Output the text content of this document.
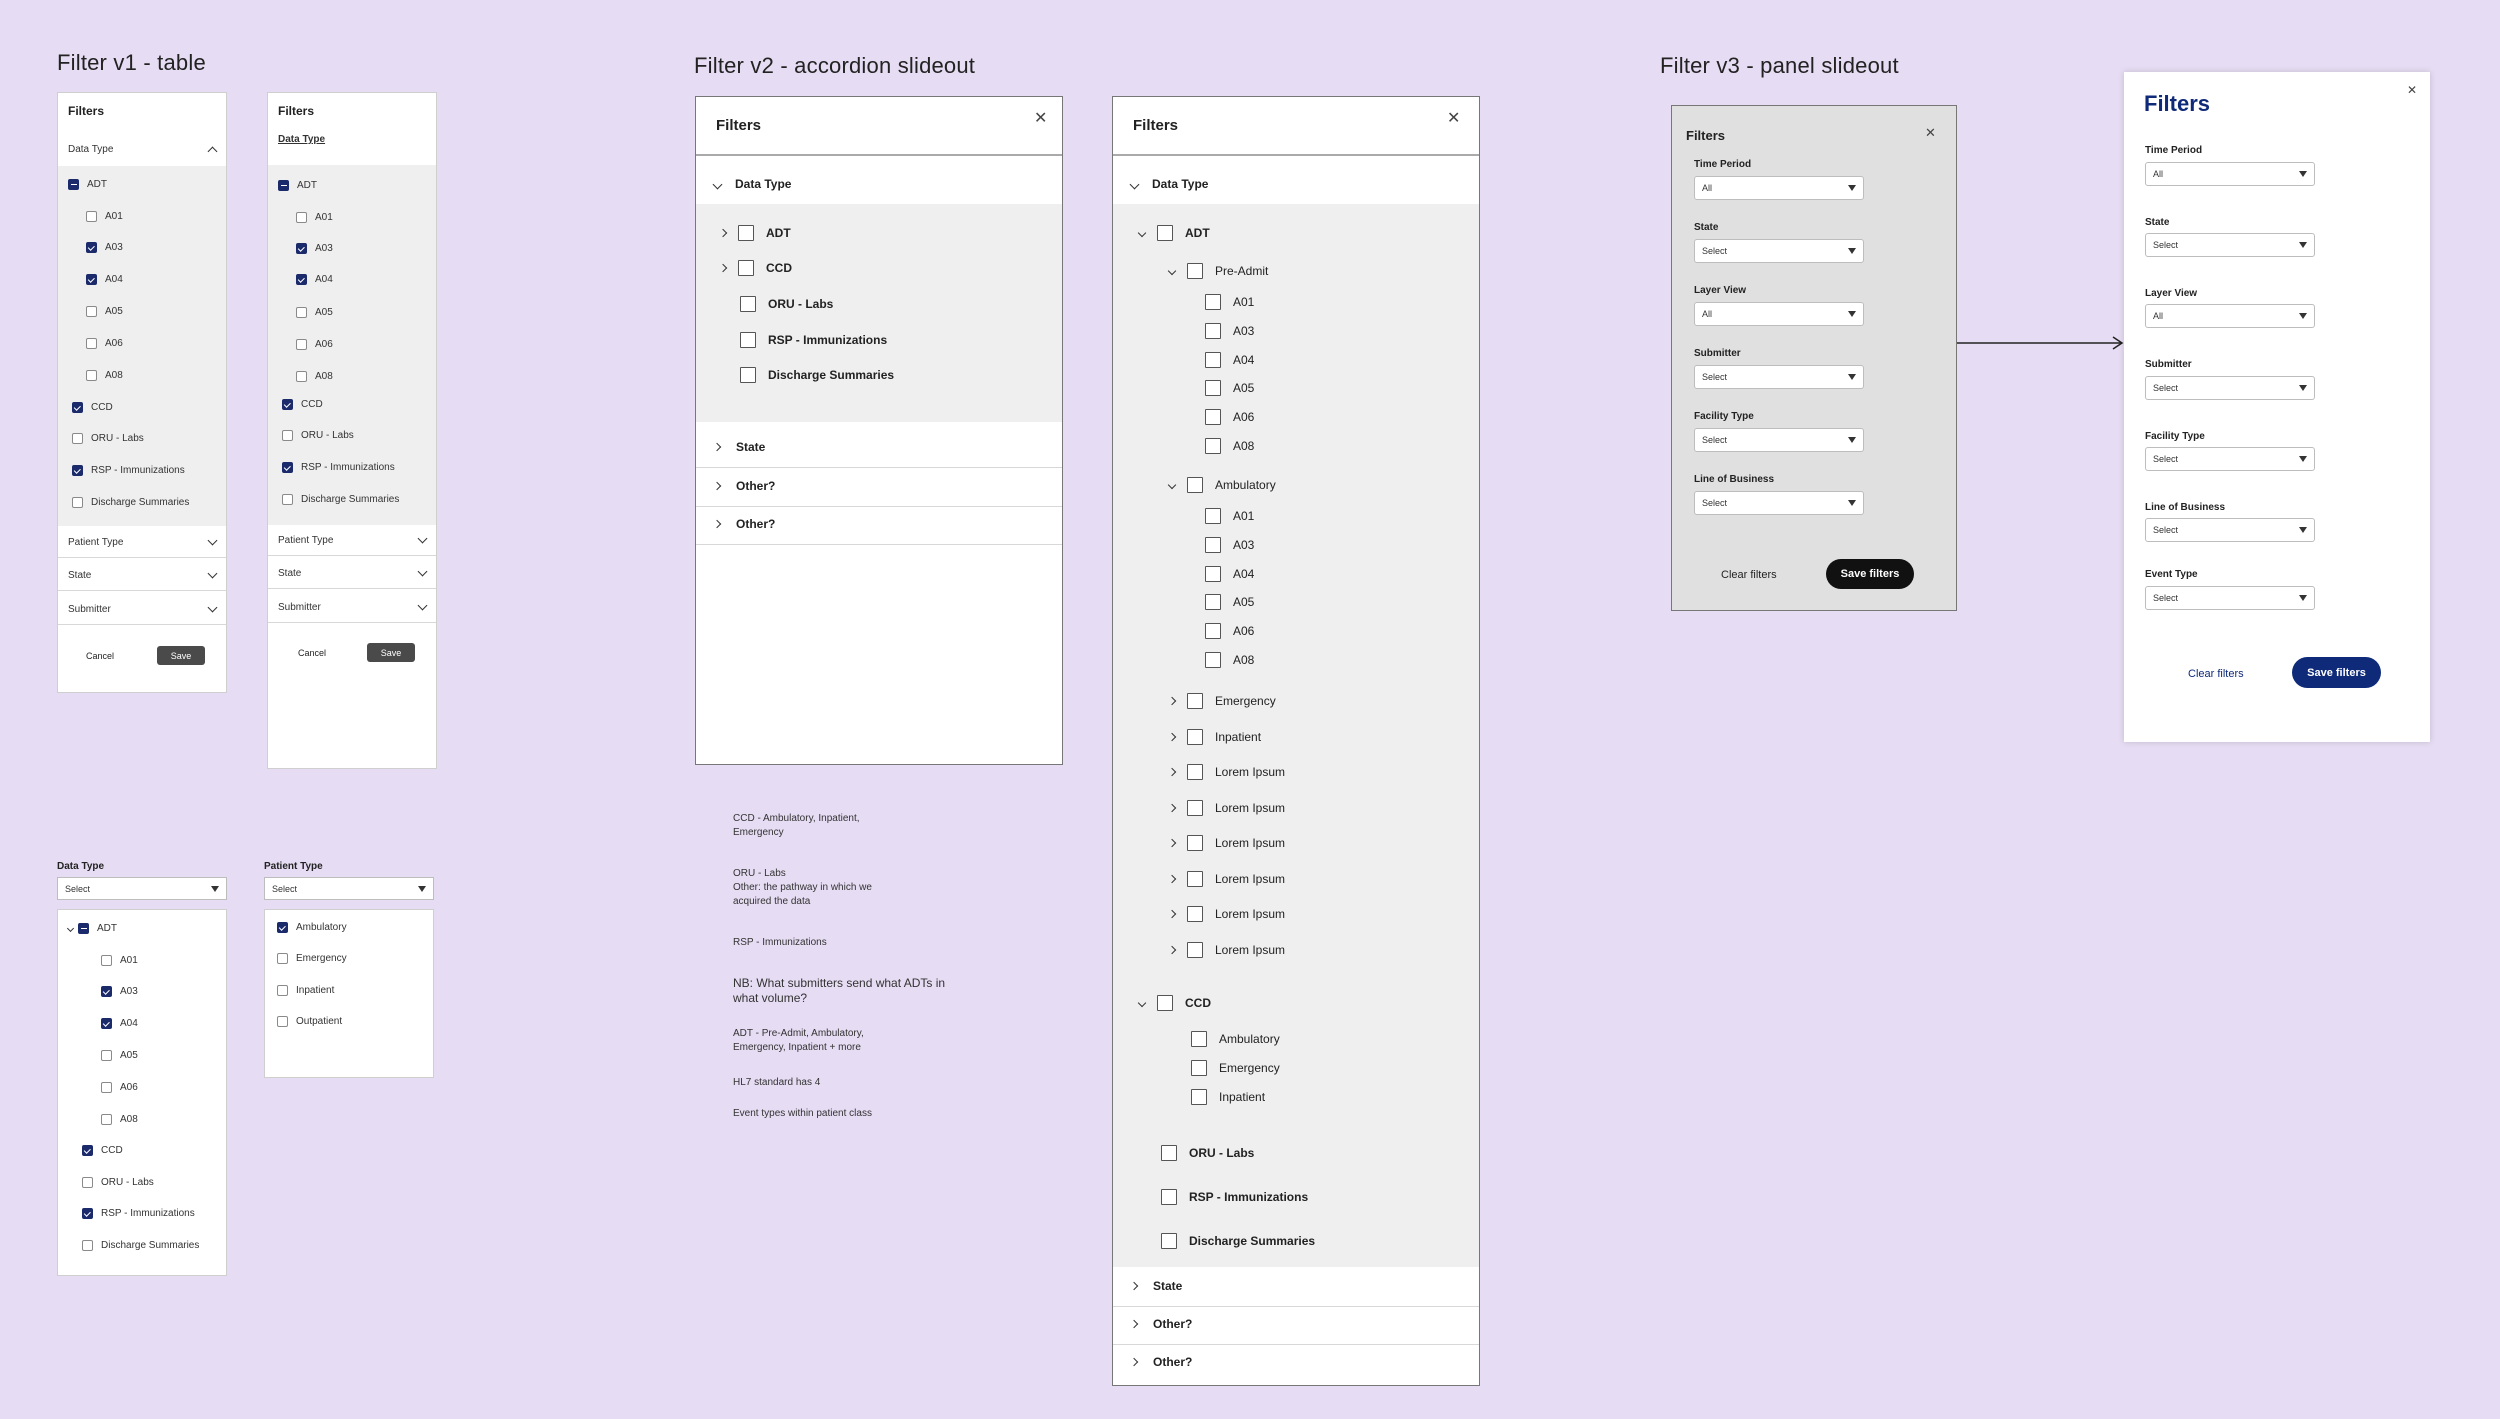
Filter v1 - table	Filter v2 - accordion slideout	Filter v3 - panel slideout
Filters
Data Type
ADT
A01
A03
A04
A05
A06
A08
CCD
ORU - Labs
RSP - Immunizations
Discharge Summaries
Patient Type
State
Submitter
Cancel	Save
Filters
Data Type
ADT
A01
A03
A04
A05
A06
A08
CCD
ORU - Labs
RSP - Immunizations
Discharge Summaries
Patient Type
State
Submitter
Cancel	Save
Data Type
Select
ADT
A01
A03
A04
A05
A06
A08
CCD
ORU - Labs
RSP - Immunizations
Discharge Summaries
Patient Type
Select
Ambulatory
Emergency
Inpatient
Outpatient
Filters	✕
Data Type
ADT
CCD
ORU - Labs
RSP - Immunizations
Discharge Summaries
State
Other?
Other?
CCD - Ambulatory, Inpatient,
Emergency
ORU - Labs
Other: the pathway in which we
acquired the data
RSP - Immunizations
NB: What submitters send what ADTs in
what volume?
ADT - Pre-Admit, Ambulatory,
Emergency, Inpatient + more
HL7 standard has 4
Event types within patient class
Filters	✕
Data Type
ADT
Pre-Admit
A01
A03
A04
A05
A06
A08
Ambulatory
A01
A03
A04
A05
A06
A08
Emergency
Inpatient
Lorem Ipsum
Lorem Ipsum
Lorem Ipsum
Lorem Ipsum
Lorem Ipsum
Lorem Ipsum
CCD
Ambulatory
Emergency
Inpatient
ORU - Labs
RSP - Immunizations
Discharge Summaries
State
Other?
Other?
Filters	✕
Time Period
All
State
Select
Layer View
All
Submitter
Select
Facility Type
Select
Line of Business
Select
Clear filters	Save filters
Filters
✕
Time Period
All
State
Select
Layer View
All
Submitter
Select
Facility Type
Select
Line of Business
Select
Event Type
Select
Clear filters	Save filters
